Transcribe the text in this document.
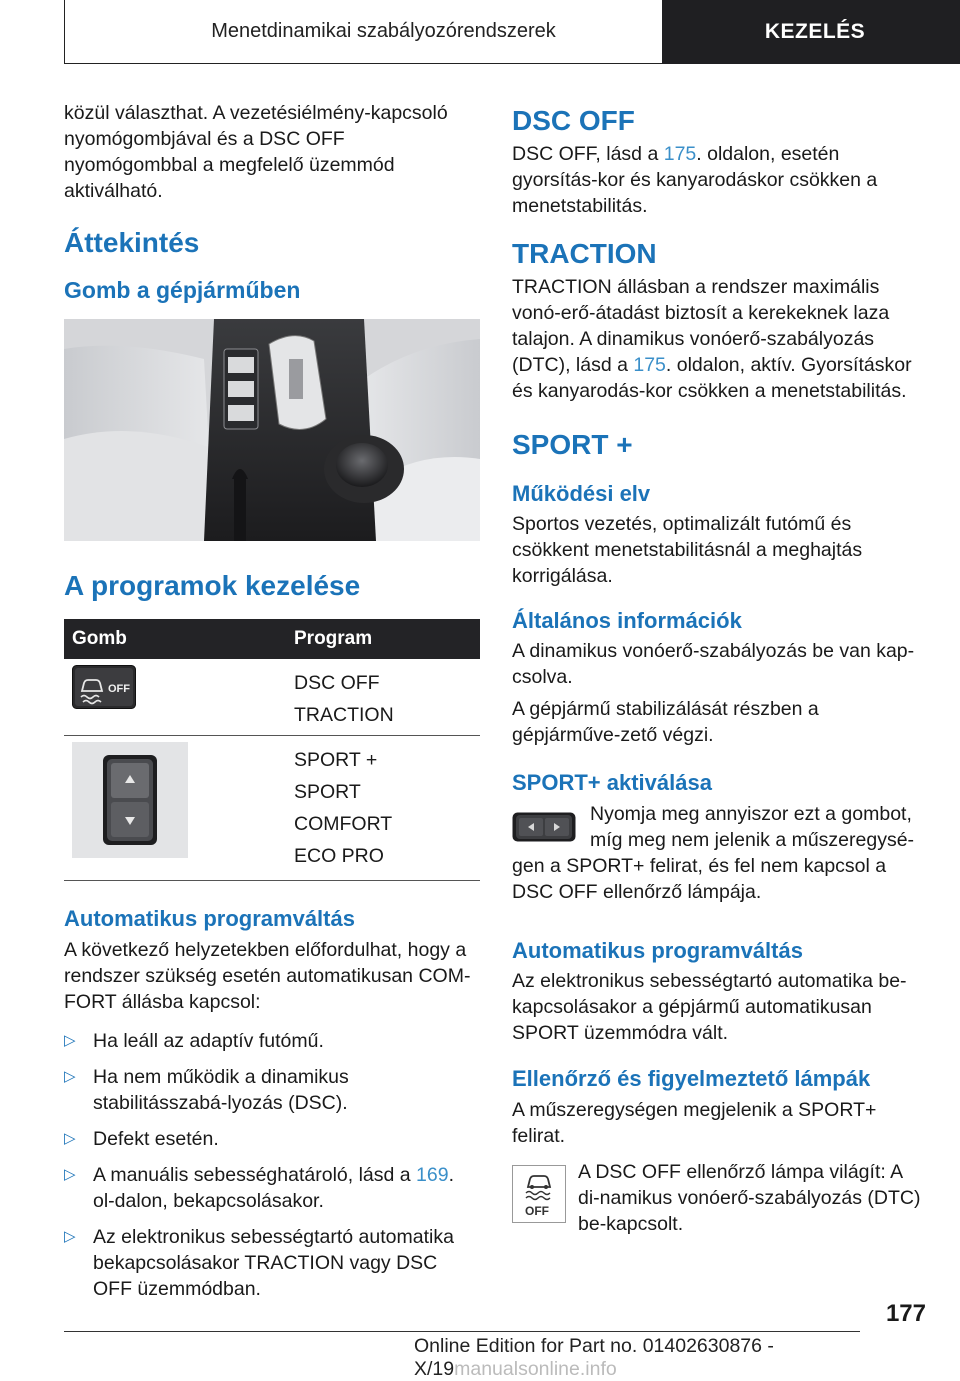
Menetdinamikai szabályozórendszerek	KEZELÉS

közül választhat. A vezetésiélmény-kapcsoló nyomógombjával és a DSC OFF nyomógombbal a megfelelő üzemmód aktiválható.

Áttekintés
Gomb a gépjárműben
A programok kezelése
Gomb	Program

OFF	DSC OFF
TRACTION

SPORT +
SPORT
COMFORT
ECO PRO
Automatikus programváltás

A következő helyzetekben előfordulhat, hogy a rendszer szükség esetén automatikusan COM‐FORT állásba kapcsol:

▷ Ha leáll az adaptív futómű.
▷ Ha nem működik a dinamikus stabilitásszabá‐lyozás (DSC).
▷ Defekt esetén.
▷ A manuális sebességhatároló, lásd a 169. ol‐dalon, bekapcsolásakor.
▷ Az elektronikus sebességtartó automatika bekapcsolásakor TRACTION vagy DSC OFF üzemmódban.
DSC OFF

DSC OFF, lásd a 175. oldalon, esetén gyorsítás‐kor és kanyarodáskor csökken a menetstabilitás.

TRACTION

TRACTION állásban a rendszer maximális vonó‐erő-átadást biztosít a kerekeknek laza talajon. A dinamikus vonóerő-szabályozás (DTC), lásd a 175. oldalon, aktív. Gyorsításkor és kanyarodás‐kor csökken a menetstabilitás.

SPORT +
Működési elv

Sportos vezetés, optimalizált futómű és csökkent menetstabilitásnál a meghajtás korrigálása.

Általános információk

A dinamikus vonóerő-szabályozás be van kap‐csolva.

A gépjármű stabilizálását részben a gépjárműve‐zető végzi.

SPORT+ aktiválása

Nyomja meg annyiszor ezt a gombot, míg meg nem jelenik a műszeregysé‐

gen a SPORT+ felirat, és fel nem kapcsol a DSC OFF ellenőrző lámpája.

Automatikus programváltás

Az elektronikus sebességtartó automatika be‐kapcsolásakor a gépjármű automatikusan SPORT üzemmódra vált.

Ellenőrző és figyelmeztető lámpák

A műszeregységen megjelenik a SPORT+ felirat.

OFF

A DSC OFF ellenőrző lámpa világít: A di‐namikus vonóerő-szabályozás (DTC) be‐kapcsolt.

177
Online Edition for Part no. 01402630876 - X/19manualsonline.info
